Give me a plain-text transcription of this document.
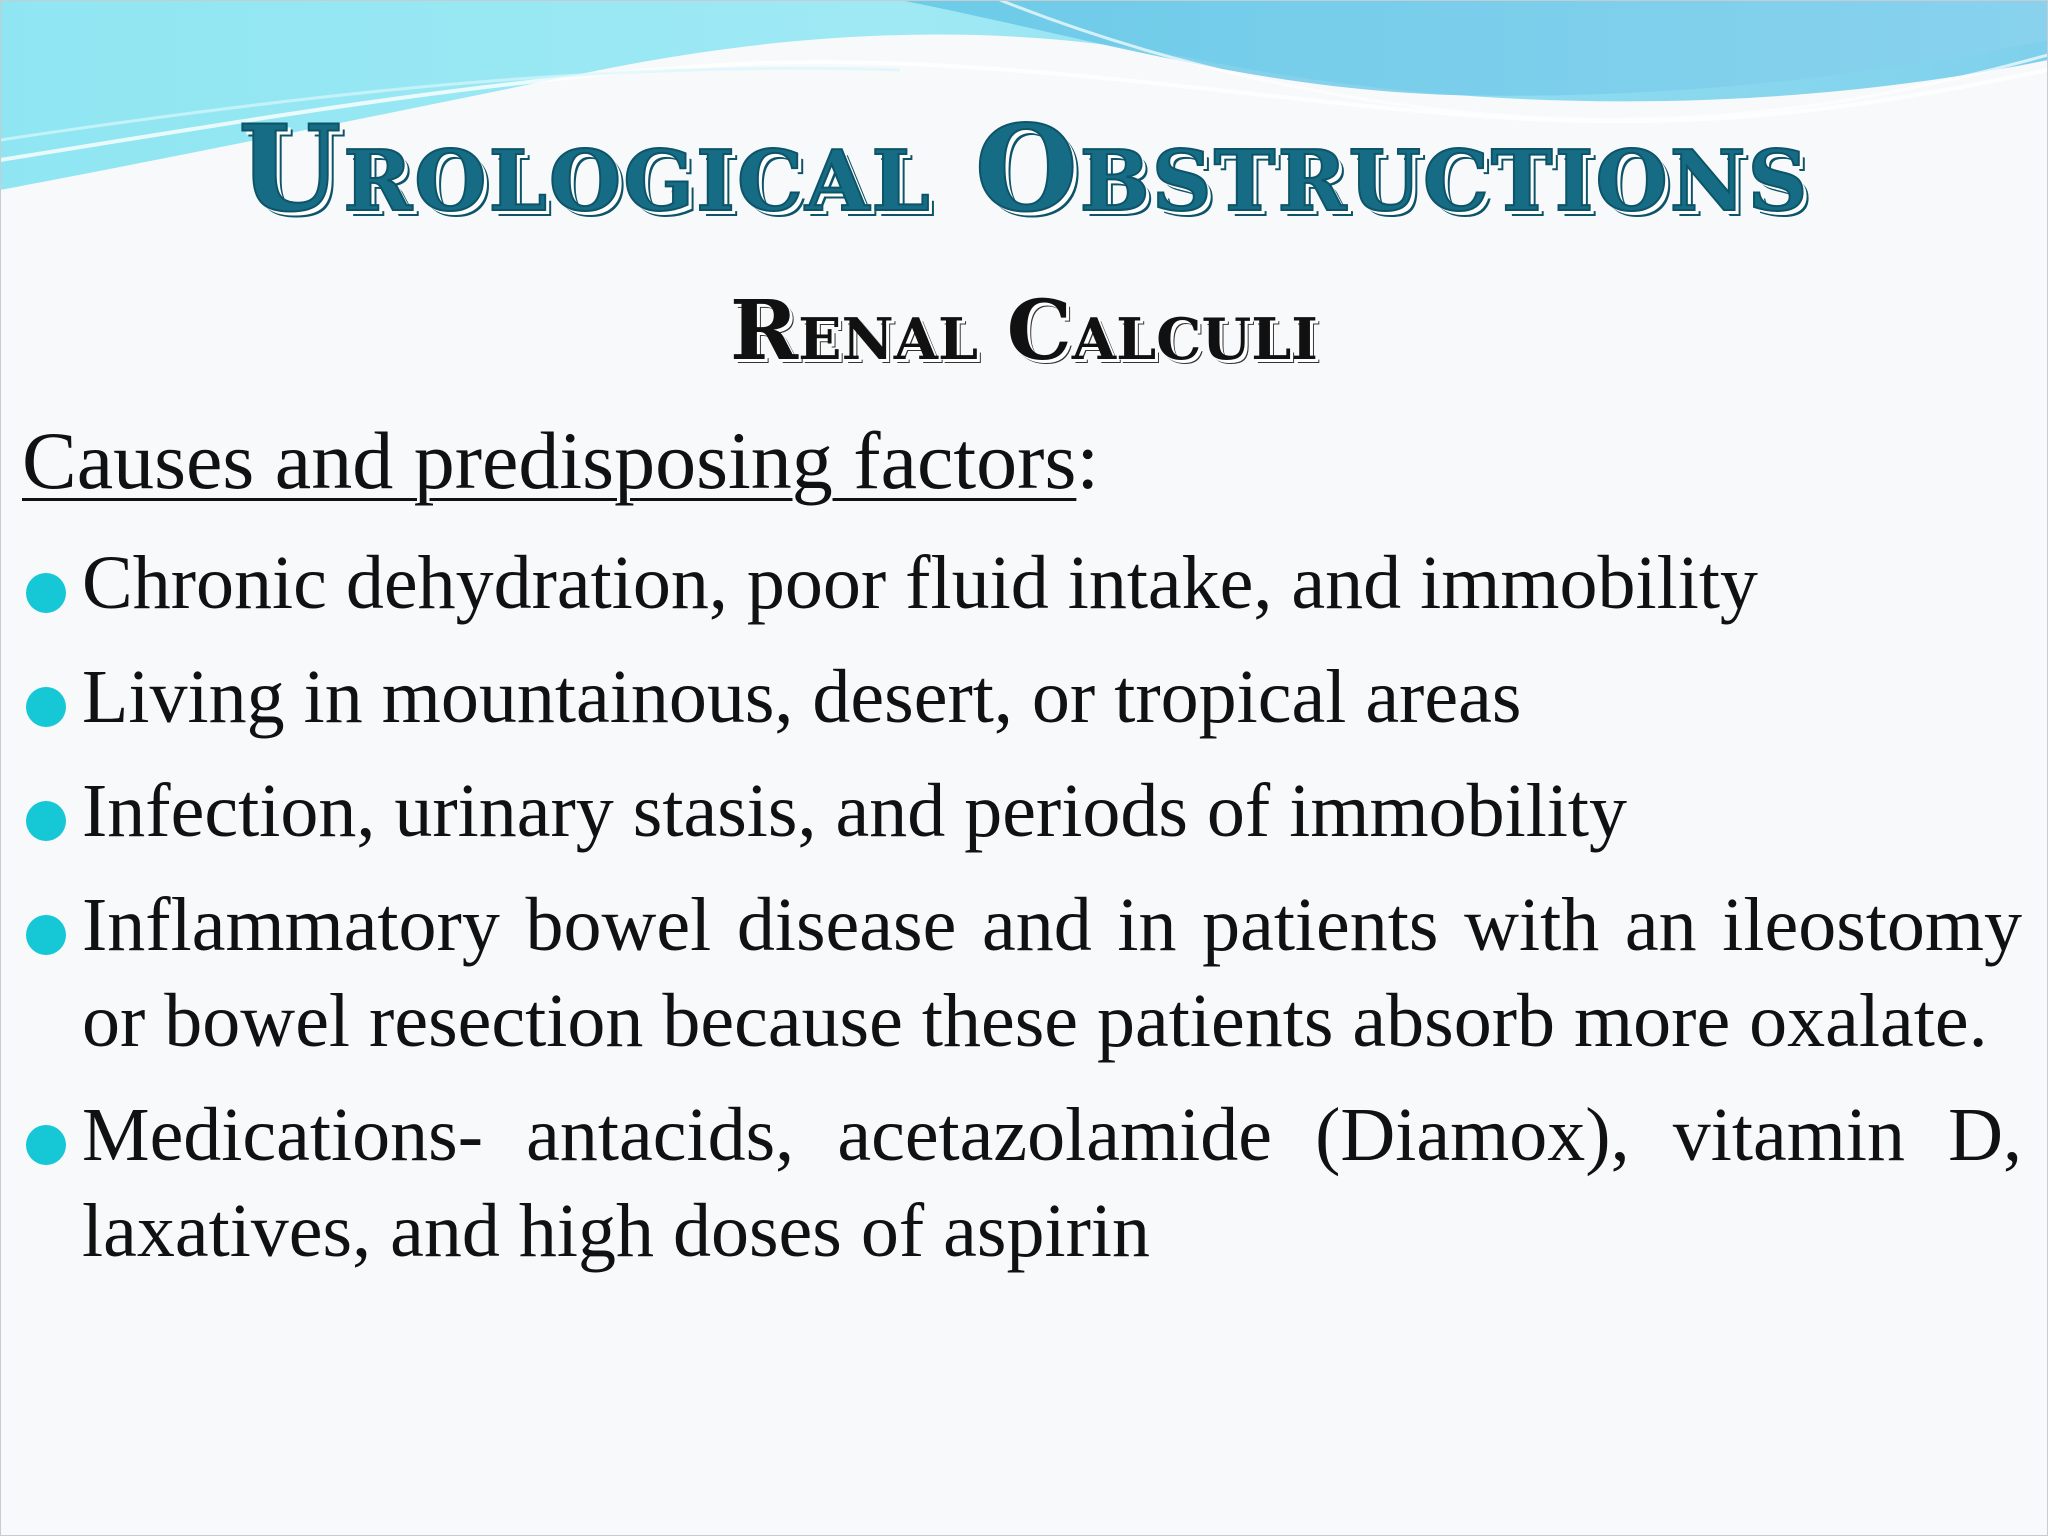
Urological Obstructions
Renal Calculi
Causes and predisposing factors:
Chronic dehydration, poor fluid intake, and immobility
Living in mountainous, desert, or tropical areas
Infection, urinary stasis, and periods of immobility
Inflammatory bowel disease and in patients with an ileostomy or bowel resection because these patients absorb more oxalate.
Medications- antacids, acetazolamide (Diamox), vitamin D, laxatives, and high doses of aspirin
